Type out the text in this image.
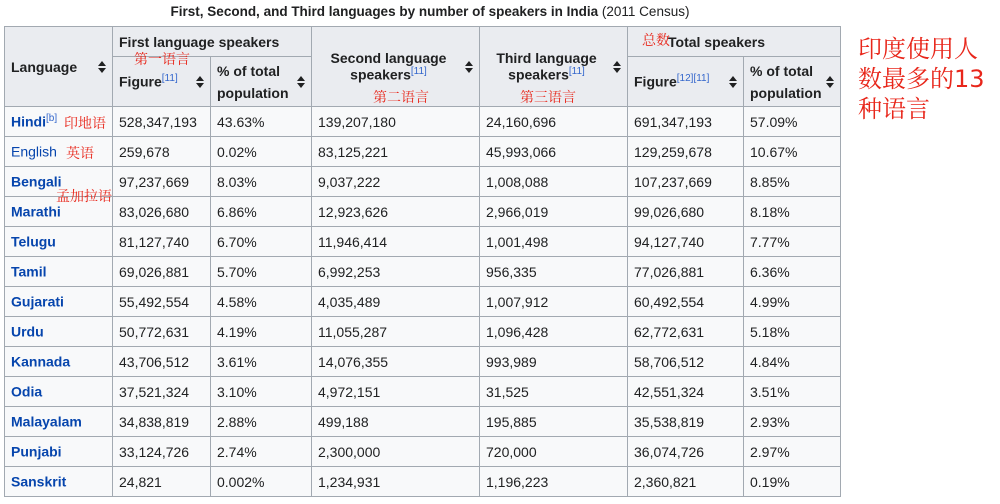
First, Second, and Third languages by number of speakers in India (2011 Census)
Language	First language speakers		Second language speakers[11]	Third language speakers[11]	Total speakers	
	Figure[11]	% of total population			Figure[12][11]	% of total population

Hindi[b]	528,347,193	43.63%	139,207,180	24,160,696	691,347,193	57.09%
English	259,678	0.02%	83,125,221	45,993,066	129,259,678	10.67%
Bengali	97,237,669	8.03%	9,037,222	1,008,088	107,237,669	8.85%
Marathi	83,026,680	6.86%	12,923,626	2,966,019	99,026,680	8.18%
Telugu	81,127,740	6.70%	11,946,414	1,001,498	94,127,740	7.77%
Tamil	69,026,881	5.70%	6,992,253	956,335	77,026,881	6.36%
Gujarati	55,492,554	4.58%	4,035,489	1,007,912	60,492,554	4.99%
Urdu	50,772,631	4.19%	11,055,287	1,096,428	62,772,631	5.18%
Kannada	43,706,512	3.61%	14,076,355	993,989	58,706,512	4.84%
Odia	37,521,324	3.10%	4,972,151	31,525	42,551,324	3.51%
Malayalam	34,838,819	2.88%	499,188	195,885	35,538,819	2.93%
Punjabi	33,124,726	2.74%	2,300,000	720,000	36,074,726	2.97%
Sanskrit	24,821	0.002%	1,234,931	1,196,223	2,360,821	0.19%
第一语言
第二语言	第三语言
总数
印地语
英语
孟加拉语
印度使用人数最多的13种语言
